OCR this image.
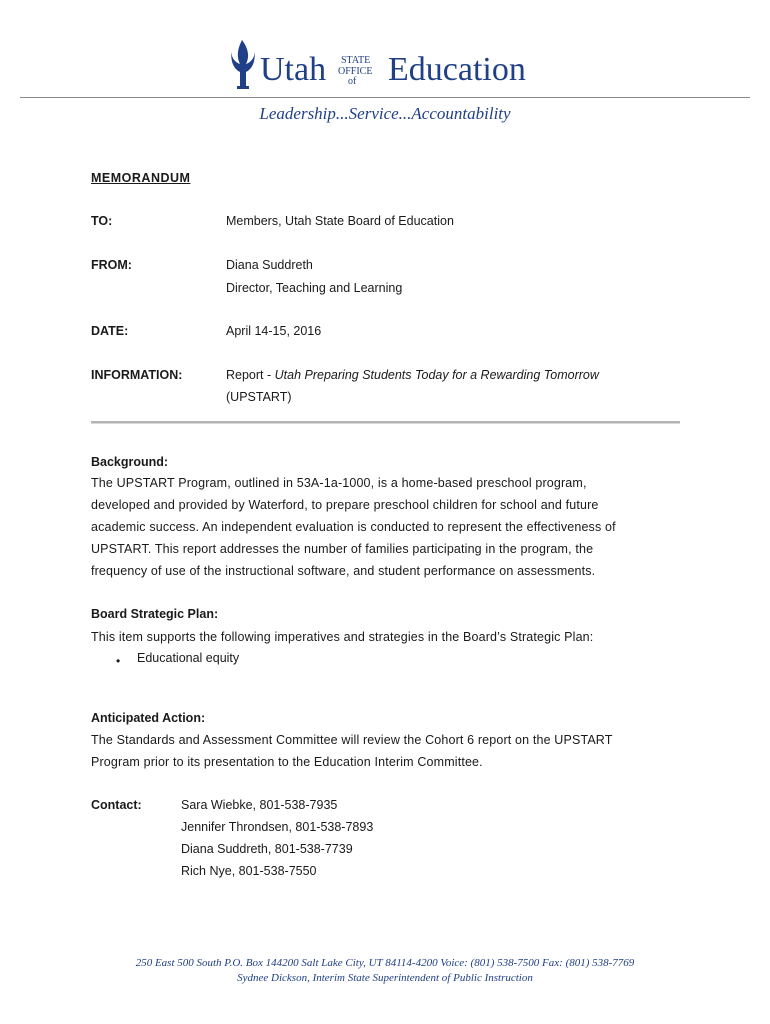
Utah STATE
OFFICE
of Education
Leadership...Service...Accountability
MEMORANDUM
TO:	Members, Utah State Board of Education
FROM:	Diana Suddreth
Director, Teaching and Learning
DATE:	April 14-15, 2016
INFORMATION:	Report - Utah Preparing Students Today for a Rewarding Tomorrow
(UPSTART)
Background:
The UPSTART Program, outlined in 53A-1a-1000, is a home-based preschool program,
developed and provided by Waterford, to prepare preschool children for school and future
academic success. An independent evaluation is conducted to represent the effectiveness of
UPSTART. This report addresses the number of families participating in the program, the
frequency of use of the instructional software, and student performance on assessments.
Board Strategic Plan:
This item supports the following imperatives and strategies in the Board’s Strategic Plan:
• Educational equity
Anticipated Action:
The Standards and Assessment Committee will review the Cohort 6 report on the UPSTART
Program prior to its presentation to the Education Interim Committee.
Contact:	Sara Wiebke, 801-538-7935
Jennifer Throndsen, 801-538-7893
Diana Suddreth, 801-538-7739
Rich Nye, 801-538-7550
250 East 500 South P.O. Box 144200 Salt Lake City, UT 84114-4200 Voice: (801) 538-7500 Fax: (801) 538-7769
Sydnee Dickson, Interim State Superintendent of Public Instruction
